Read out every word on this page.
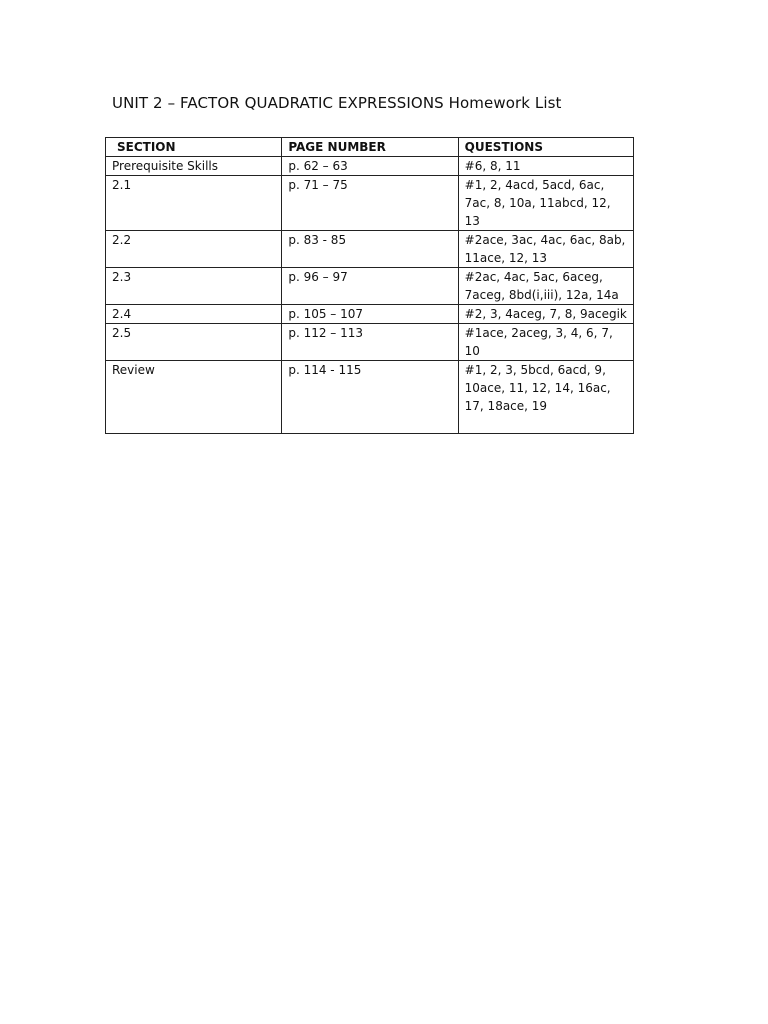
UNIT 2 – FACTOR QUADRATIC EXPRESSIONS Homework List
SECTION	PAGE NUMBER	QUESTIONS
Prerequisite Skills	p. 62 – 63	#6, 8, 11
2.1	p. 71 – 75	#1, 2, 4acd, 5acd, 6ac, 7ac, 8, 10a, 11abcd, 12, 13
2.2	p. 83 - 85	#2ace, 3ac, 4ac, 6ac, 8ab, 11ace, 12, 13
2.3	p. 96 – 97	#2ac, 4ac, 5ac, 6aceg, 7aceg, 8bd(i,iii), 12a, 14a
2.4	p. 105 – 107	#2, 3, 4aceg, 7, 8, 9acegik
2.5	p. 112 – 113	#1ace, 2aceg, 3, 4, 6, 7, 10
Review	p. 114 - 115	#1, 2, 3, 5bcd, 6acd, 9, 10ace, 11, 12, 14, 16ac, 17, 18ace, 19
